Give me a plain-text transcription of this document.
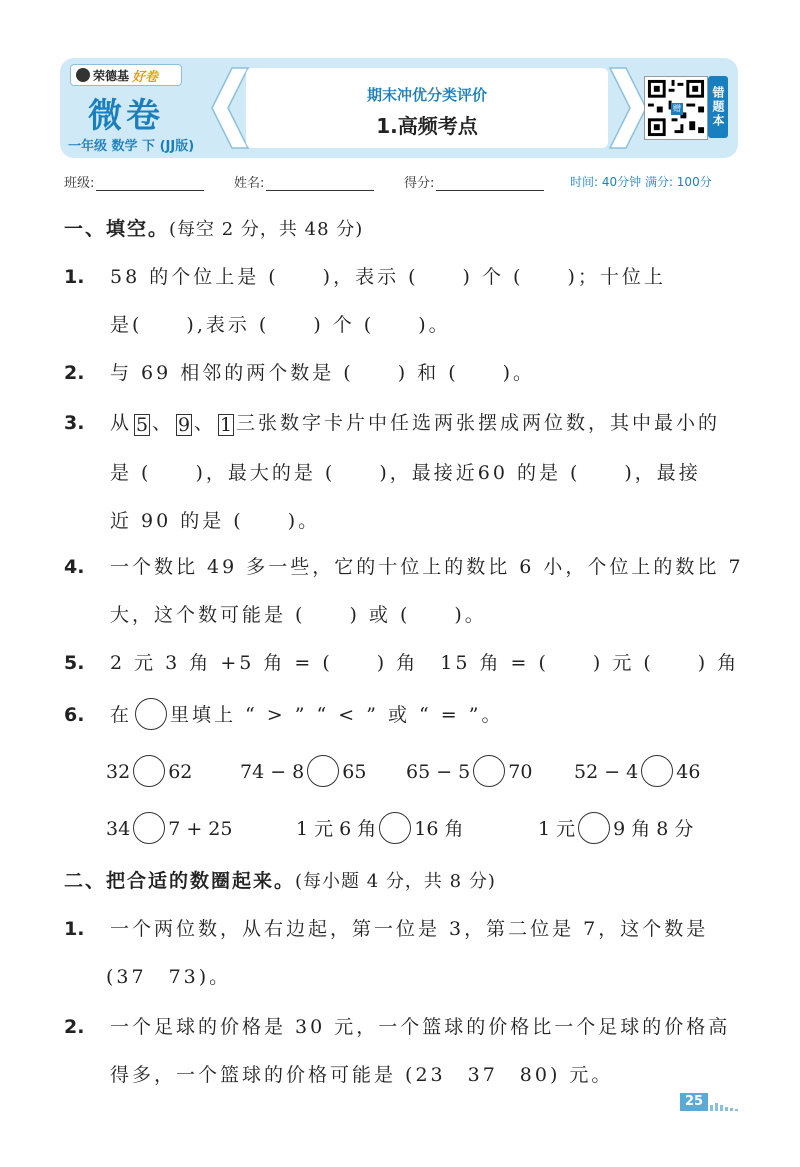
荣德基 好卷
微卷
一年级 数学 下 (JJ版)
期末冲优分类评价
1.高频考点
赠	错题本
班级:	姓名:	得分:	时间: 40分钟 满分: 100分
一、填空。(每空 2 分，共 48 分)
1. 58 的个位上是 (　　)，表示 (　　) 个 (　　)；十位上
是(　　),表示 (　　) 个 (　　)。
2. 与 69 相邻的两个数是 (　　) 和 (　　)。
3. 从 5 、 9 、 1 三张数字卡片中任选两张摆成两位数，其中最小的
是 (　　)，最大的是 (　　)，最接近60 的是 (　　)，最接
近 90 的是 (　　)。
4. 一个数比 49 多一些，它的十位上的数比 6 小，个位上的数比 7
大，这个数可能是 (　　) 或 (　　)。
5. 2 元 3 角 +5 角 = (　　) 角　15 角 = (　　) 元 (　　) 角
6. 在 里填上 “ > ” “ < ” 或 “ = ”。
32 62	74 − 8 65 65 − 5 70 52 − 4 46
34 7 + 25	1 元 6 角 16 角	1 元 9 角 8 分
二、把合适的数圈起来。(每小题 4 分，共 8 分)
1. 一个两位数，从右边起，第一位是 3，第二位是 7，这个数是
(37　73)。
2. 一个足球的价格是 30 元，一个篮球的价格比一个足球的价格高
得多，一个篮球的价格可能是 (23　37　80) 元。
25
